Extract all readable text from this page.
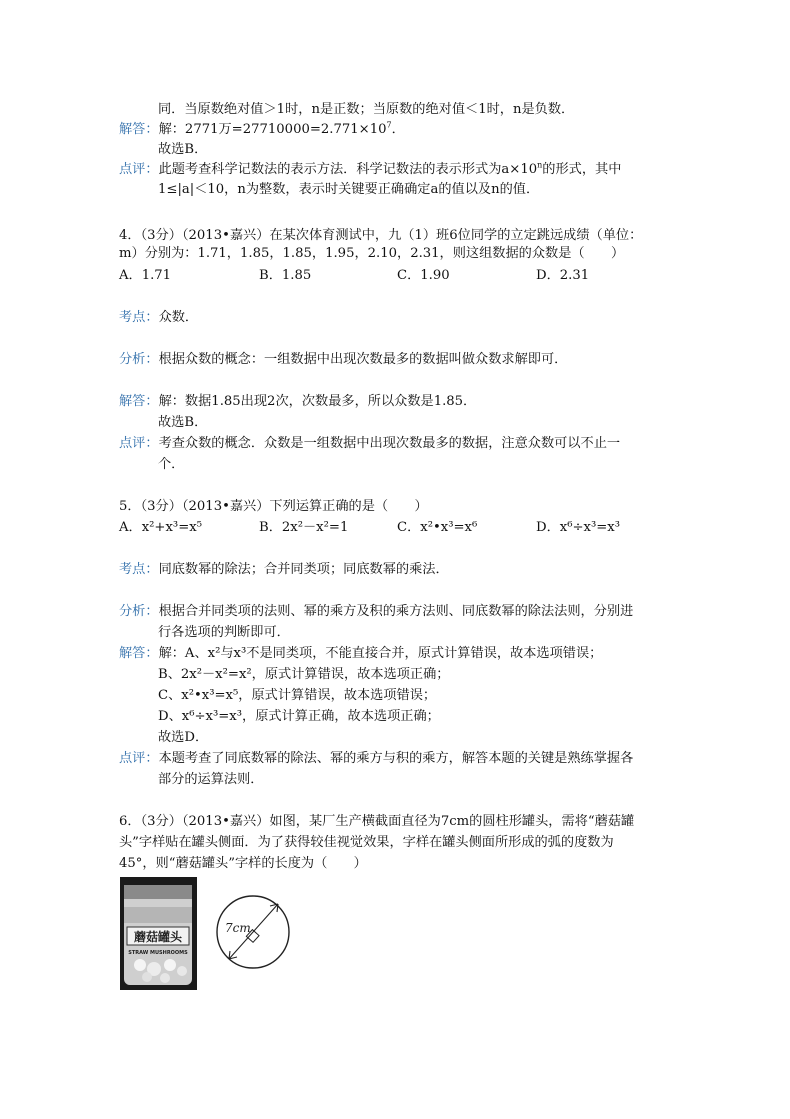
同．当原数绝对值＞1时，n是正数；当原数的绝对值＜1时，n是负数．
解答：解：2771万$=27710000=2.771\times 10^7$．
故选B．
点评：此题考查科学记数法的表示方法．科学记数法的表示形式为$a\times 10^n$的形式，其中
1≤|a|＜10，n为整数，表示时关键要正确确定a的值以及n的值．
4．（3分）（2013•嘉兴）在某次体育测试中，九（1）班6位同学的立定跳远成绩（单位：
m）分别为：1.71，1.85，1.85，1.95，2.10，2.31，则这组数据的众数是（　　）
A．1.71	B．1.85	C．1.90	D．2.31
考点：众数．
分析：根据众数的概念：一组数据中出现次数最多的数据叫做众数求解即可．
解答：解：数据1.85出现2次，次数最多，所以众数是1.85．
故选B．
点评：考查众数的概念．众数是一组数据中出现次数最多的数据，注意众数可以不止一
个．
5．（3分）（2013•嘉兴）下列运算正确的是（　　）
A．x²+x³=x⁵	B．2x²－x²=1	C．x²•x³=x⁶	D．x⁶÷x³=x³
考点：同底数幂的除法；合并同类项；同底数幂的乘法．
分析：根据合并同类项的法则、幂的乘方及积的乘方法则、同底数幂的除法法则，分别进
行各选项的判断即可．
解答：解：A、x²与x³不是同类项，不能直接合并，原式计算错误，故本选项错误；
B、2x²－x²=x²，原式计算错误，故本选项正确；
C、x²•x³=x⁵，原式计算错误，故本选项错误；
D、x⁶÷x³=x³，原式计算正确，故本选项正确；
故选D．
点评：本题考查了同底数幂的除法、幂的乘方与积的乘方，解答本题的关键是熟练掌握各
部分的运算法则．
6．（3分）（2013•嘉兴）如图，某厂生产横截面直径为7cm的圆柱形罐头，需将“蘑菇罐
头”字样贴在罐头侧面．为了获得较佳视觉效果，字样在罐头侧面所形成的弧的度数为
45°，则“蘑菇罐头”字样的长度为（　　）
蘑菇罐头
STRAW MUSHROOMS
7cm
